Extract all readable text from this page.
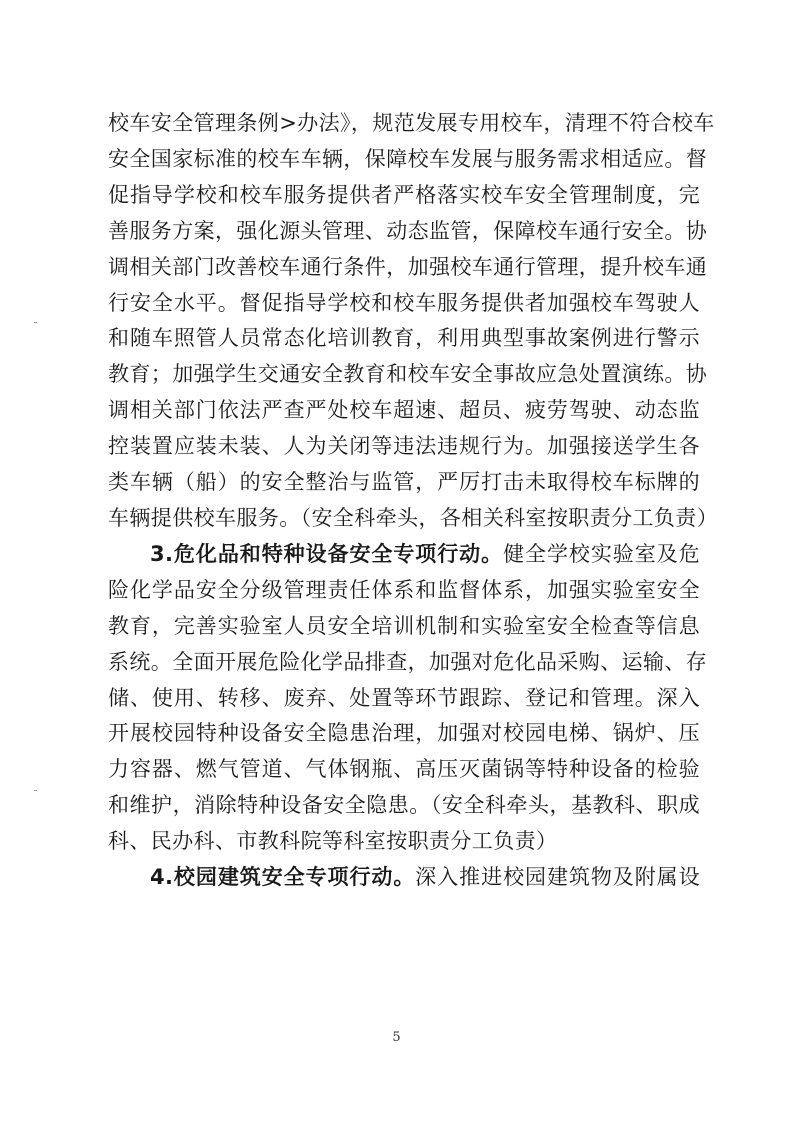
校车安全管理条例>办法》，规范发展专用校车，清理不符合校车
安全国家标准的校车车辆，保障校车发展与服务需求相适应。督
促指导学校和校车服务提供者严格落实校车安全管理制度，完
善服务方案，强化源头管理、动态监管，保障校车通行安全。协
调相关部门改善校车通行条件，加强校车通行管理，提升校车通
行安全水平。督促指导学校和校车服务提供者加强校车驾驶人
和随车照管人员常态化培训教育，利用典型事故案例进行警示
教育；加强学生交通安全教育和校车安全事故应急处置演练。协
调相关部门依法严查严处校车超速、超员、疲劳驾驶、动态监
控装置应装未装、人为关闭等违法违规行为。加强接送学生各
类车辆（船）的安全整治与监管，严厉打击未取得校车标牌的
车辆提供校车服务。（安全科牵头，各相关科室按职责分工负责）

3.危化品和特种设备安全专项行动。健全学校实验室及危
险化学品安全分级管理责任体系和监督体系，加强实验室安全
教育，完善实验室人员安全培训机制和实验室安全检查等信息
系统。全面开展危险化学品排查，加强对危化品采购、运输、存
储、使用、转移、废弃、处置等环节跟踪、登记和管理。深入
开展校园特种设备安全隐患治理，加强对校园电梯、锅炉、压
力容器、燃气管道、气体钢瓶、高压灭菌锅等特种设备的检验
和维护，消除特种设备安全隐患。（安全科牵头，基教科、职成
科、民办科、市教科院等科室按职责分工负责）

4.校园建筑安全专项行动。深入推进校园建筑物及附属设

5
